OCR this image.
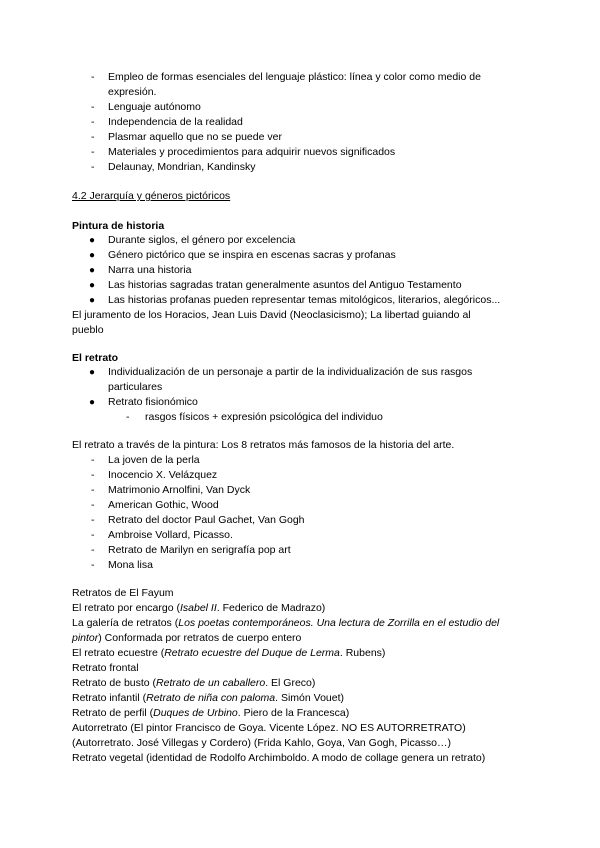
- Empleo de formas esenciales del lenguaje plástico: línea y color como medio de
expresión.
- Lenguaje autónomo
- Independencia de la realidad
- Plasmar aquello que no se puede ver
- Materiales y procedimientos para adquirir nuevos significados
- Delaunay, Mondrian, Kandinsky
4.2 Jerarquía y géneros pictóricos
Pintura de historia
● Durante siglos, el género por excelencia
● Género pictórico que se inspira en escenas sacras y profanas
● Narra una historia
● Las historias sagradas tratan generalmente asuntos del Antiguo Testamento
● Las historias profanas pueden representar temas mitológicos, literarios, alegóricos...
El juramento de los Horacios, Jean Luis David (Neoclasicismo); La libertad guiando al
pueblo
El retrato
● Individualización de un personaje a partir de la individualización de sus rasgos
particulares
● Retrato fisionómico
- rasgos físicos + expresión psicológica del individuo
El retrato a través de la pintura: Los 8 retratos más famosos de la historia del arte.
- La joven de la perla
- Inocencio X. Velázquez
- Matrimonio Arnolfini, Van Dyck
- American Gothic, Wood
- Retrato del doctor Paul Gachet, Van Gogh
- Ambroise Vollard, Picasso.
- Retrato de Marilyn en serigrafía pop art
- Mona lisa
Retratos de El Fayum
El retrato por encargo (Isabel II. Federico de Madrazo)
La galería de retratos (Los poetas contemporáneos. Una lectura de Zorrilla en el estudio del
pintor) Conformada por retratos de cuerpo entero
El retrato ecuestre (Retrato ecuestre del Duque de Lerma. Rubens)
Retrato frontal
Retrato de busto (Retrato de un caballero. El Greco)
Retrato infantil (Retrato de niña con paloma. Simón Vouet)
Retrato de perfil (Duques de Urbino. Piero de la Francesca)
Autorretrato (El pintor Francisco de Goya. Vicente López. NO ES AUTORRETRATO)
(Autorretrato. José Villegas y Cordero) (Frida Kahlo, Goya, Van Gogh, Picasso…)
Retrato vegetal (identidad de Rodolfo Archimboldo. A modo de collage genera un retrato)
